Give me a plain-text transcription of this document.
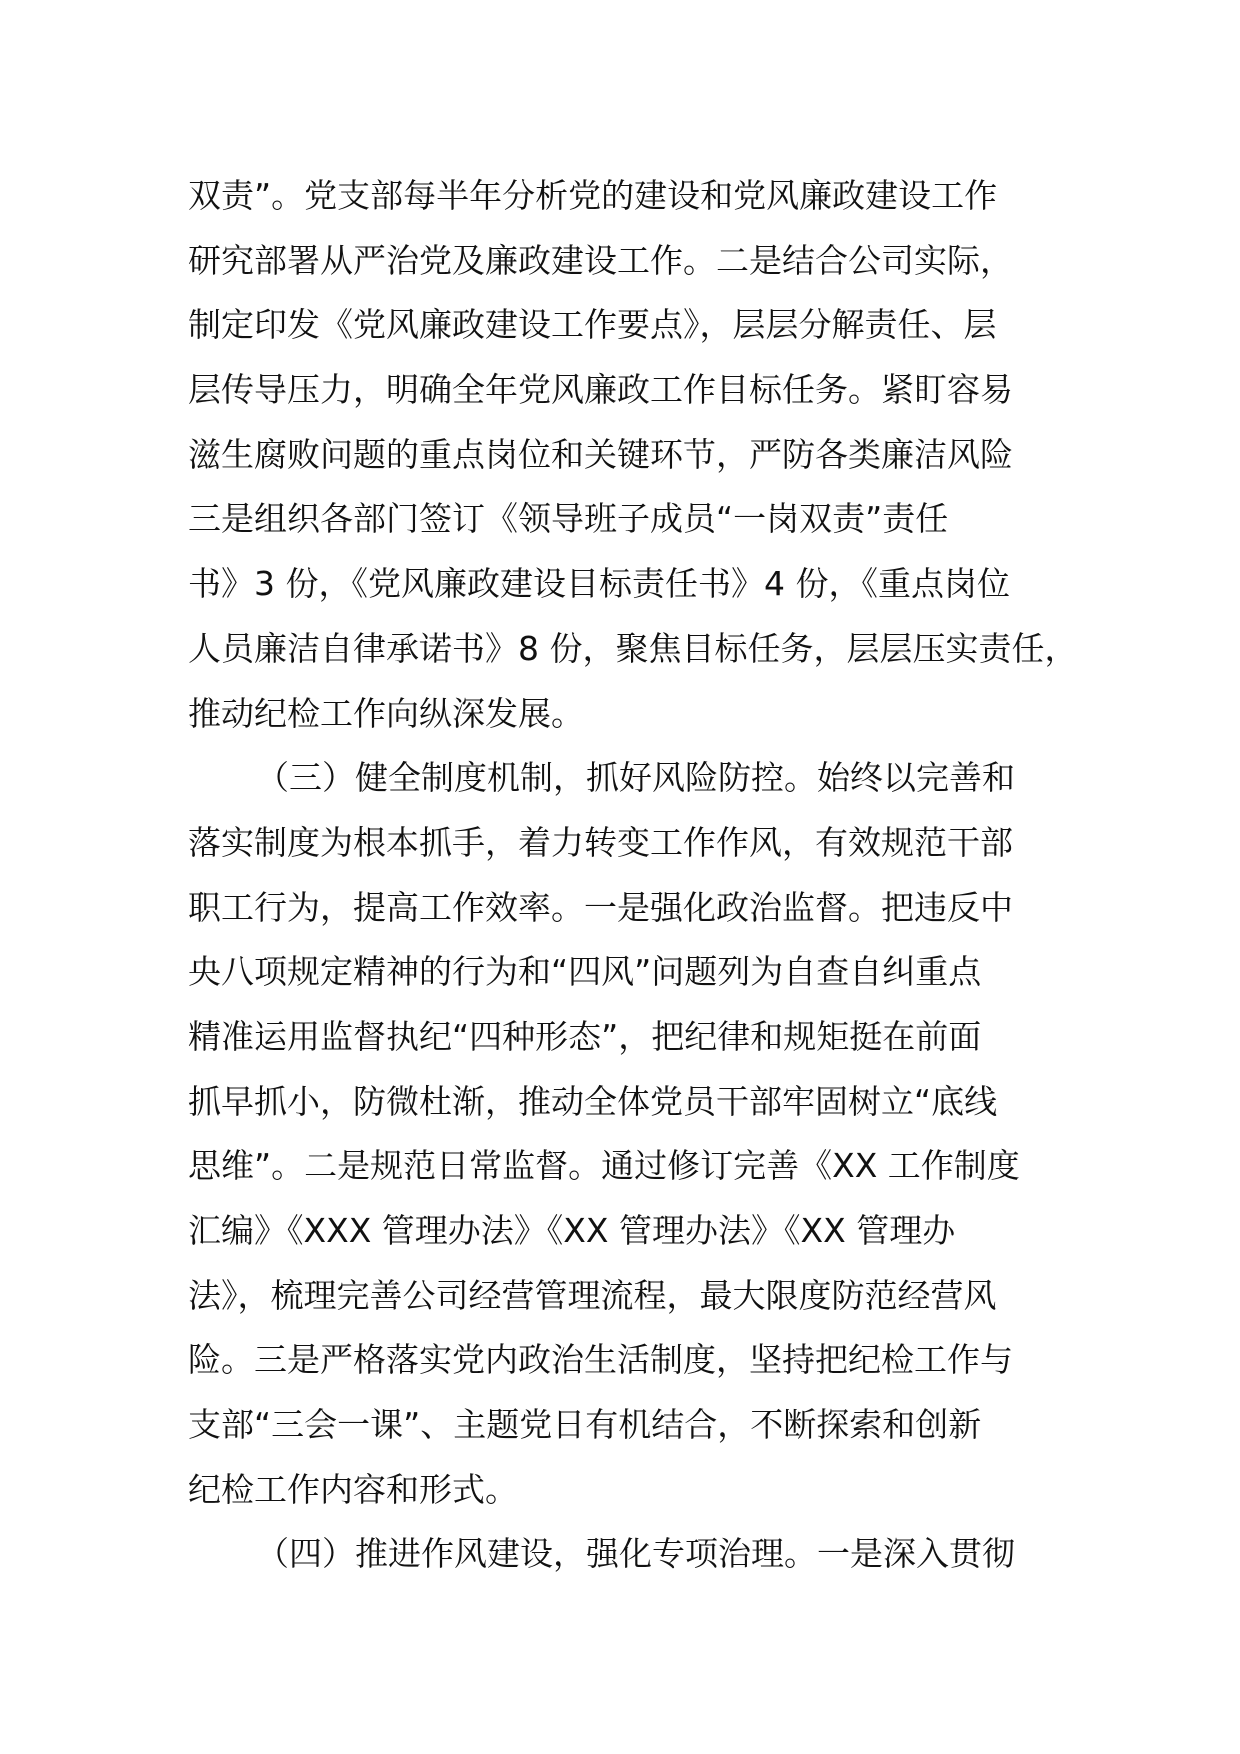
双责”。党支部每半年分析党的建设和党风廉政建设工作
研究部署从严治党及廉政建设工作。二是结合公司实际，
制定印发《党风廉政建设工作要点》，层层分解责任、层
层传导压力，明确全年党风廉政工作目标任务。紧盯容易
滋生腐败问题的重点岗位和关键环节，严防各类廉洁风险
三是组织各部门签订《领导班子成员“一岗双责”责任
书》3 份，《党风廉政建设目标责任书》4 份，《重点岗位
人员廉洁自律承诺书》8 份，聚焦目标任务，层层压实责任，
推动纪检工作向纵深发展。
（三）健全制度机制，抓好风险防控。始终以完善和
落实制度为根本抓手，着力转变工作作风，有效规范干部
职工行为，提高工作效率。一是强化政治监督。把违反中
央八项规定精神的行为和“四风”问题列为自查自纠重点
精准运用监督执纪“四种形态”，把纪律和规矩挺在前面
抓早抓小，防微杜渐，推动全体党员干部牢固树立“底线
思维”。二是规范日常监督。通过修订完善《XX 工作制度
汇编》《XXX 管理办法》《XX 管理办法》《XX 管理办
法》，梳理完善公司经营管理流程，最大限度防范经营风
险。三是严格落实党内政治生活制度，坚持把纪检工作与
支部“三会一课”、主题党日有机结合，不断探索和创新
纪检工作内容和形式。
（四）推进作风建设，强化专项治理。一是深入贯彻
